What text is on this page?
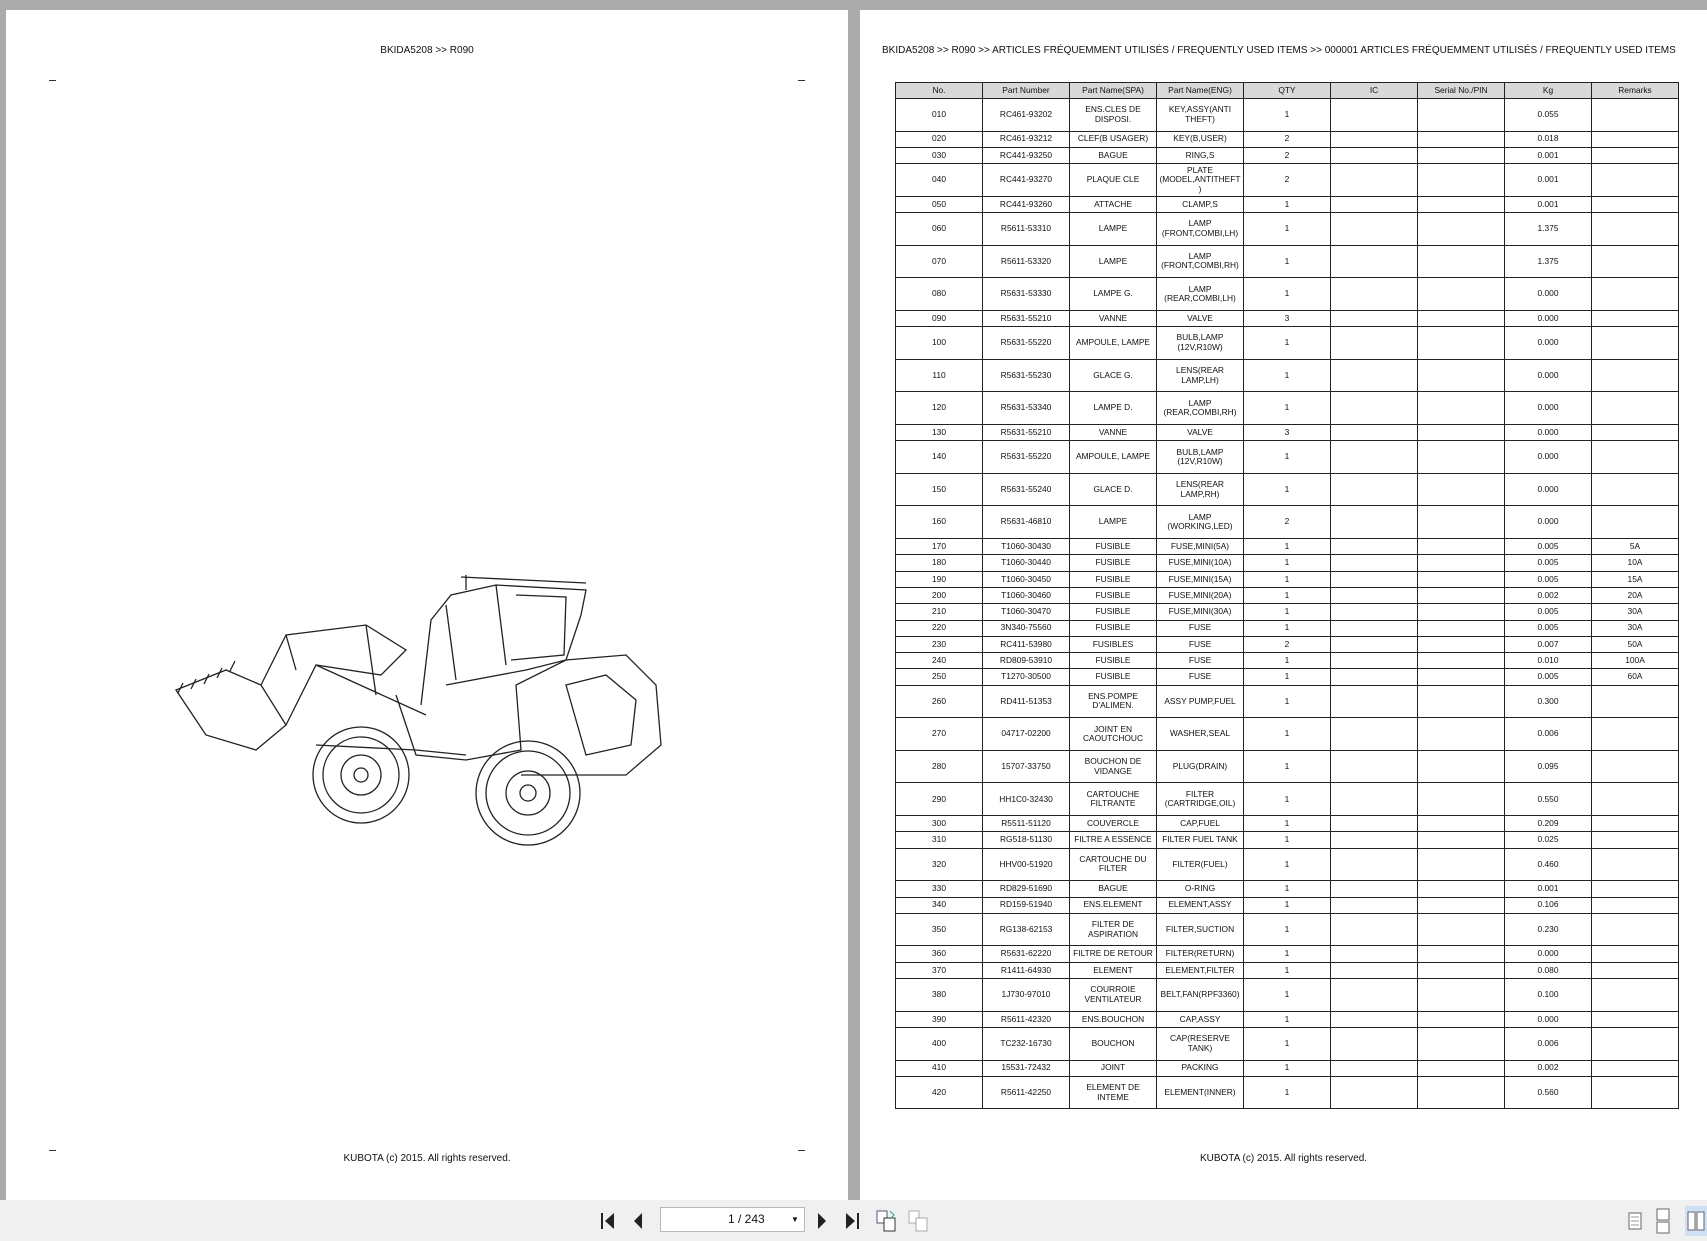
BKIDA5208 >> R090
KUBOTA (c) 2015. All rights reserved.
BKIDA5208 >> R090 >> ARTICLES FRÉQUEMMENT UTILISÉS / FREQUENTLY USED ITEMS >> 000001 ARTICLES FRÉQUEMMENT UTILISÉS / FREQUENTLY USED ITEMS
No.	Part Number	Part Name(SPA)	Part Name(ENG)	QTY	IC	Serial No./PIN	Kg	Remarks
010	RC461-93202	ENS.CLES DE DISPOSI.	KEY,ASSY(ANTI THEFT)	1			0.055	
020	RC461-93212	CLEF(B USAGER)	KEY(B,USER)	2			0.018	
030	RC441-93250	BAGUE	RING,S	2			0.001	
040	RC441-93270	PLAQUE CLE	PLATE (MODEL,ANTITHEFT )	2			0.001	
050	RC441-93260	ATTACHE	CLAMP,S	1			0.001	
060	R5611-53310	LAMPE	LAMP (FRONT,COMBI,LH)	1			1.375	
070	R5611-53320	LAMPE	LAMP (FRONT,COMBI,RH)	1			1.375	
080	R5631-53330	LAMPE G.	LAMP (REAR,COMBI,LH)	1			0.000	
090	R5631-55210	VANNE	VALVE	3			0.000	
100	R5631-55220	AMPOULE, LAMPE	BULB,LAMP (12V,R10W)	1			0.000	
110	R5631-55230	GLACE G.	LENS(REAR LAMP,LH)	1			0.000	
120	R5631-53340	LAMPE D.	LAMP (REAR,COMBI,RH)	1			0.000	
130	R5631-55210	VANNE	VALVE	3			0.000	
140	R5631-55220	AMPOULE, LAMPE	BULB,LAMP (12V,R10W)	1			0.000	
150	R5631-55240	GLACE D.	LENS(REAR LAMP,RH)	1			0.000	
160	R5631-46810	LAMPE	LAMP (WORKING,LED)	2			0.000	
170	T1060-30430	FUSIBLE	FUSE,MINI(5A)	1			0.005	5A
180	T1060-30440	FUSIBLE	FUSE,MINI(10A)	1			0.005	10A
190	T1060-30450	FUSIBLE	FUSE,MINI(15A)	1			0.005	15A
200	T1060-30460	FUSIBLE	FUSE,MINI(20A)	1			0.002	20A
210	T1060-30470	FUSIBLE	FUSE,MINI(30A)	1			0.005	30A
220	3N340-75560	FUSIBLE	FUSE	1			0.005	30A
230	RC411-53980	FUSIBLES	FUSE	2			0.007	50A
240	RD809-53910	FUSIBLE	FUSE	1			0.010	100A
250	T1270-30500	FUSIBLE	FUSE	1			0.005	60A
260	RD411-51353	ENS.POMPE D'ALIMEN.	ASSY PUMP,FUEL	1			0.300	
270	04717-02200	JOINT EN CAOUTCHOUC	WASHER,SEAL	1			0.006	
280	15707-33750	BOUCHON DE VIDANGE	PLUG(DRAIN)	1			0.095	
290	HH1C0-32430	CARTOUCHE FILTRANTE	FILTER (CARTRIDGE,OIL)	1			0.550	
300	R5511-51120	COUVERCLE	CAP,FUEL	1			0.209	
310	RG518-51130	FILTRE A ESSENCE	FILTER FUEL TANK	1			0.025	
320	HHV00-51920	CARTOUCHE DU FILTER	FILTER(FUEL)	1			0.460	
330	RD829-51690	BAGUE	O-RING	1			0.001	
340	RD159-51940	ENS.ELEMENT	ELEMENT,ASSY	1			0.106	
350	RG138-62153	FILTER DE ASPIRATION	FILTER,SUCTION	1			0.230	
360	R5631-62220	FILTRE DE RETOUR	FILTER(RETURN)	1			0.000	
370	R1411-64930	ELEMENT	ELEMENT,FILTER	1			0.080	
380	1J730-97010	COURROIE VENTILATEUR	BELT,FAN(RPF3360)	1			0.100	
390	R5611-42320	ENS.BOUCHON	CAP,ASSY	1			0.000	
400	TC232-16730	BOUCHON	CAP(RESERVE TANK)	1			0.006	
410	15531-72432	JOINT	PACKING	1			0.002	
420	R5611-42250	ELEMENT DE INTEME	ELEMENT(INNER)	1			0.560	
KUBOTA (c) 2015. All rights reserved.
1 / 243	▼
